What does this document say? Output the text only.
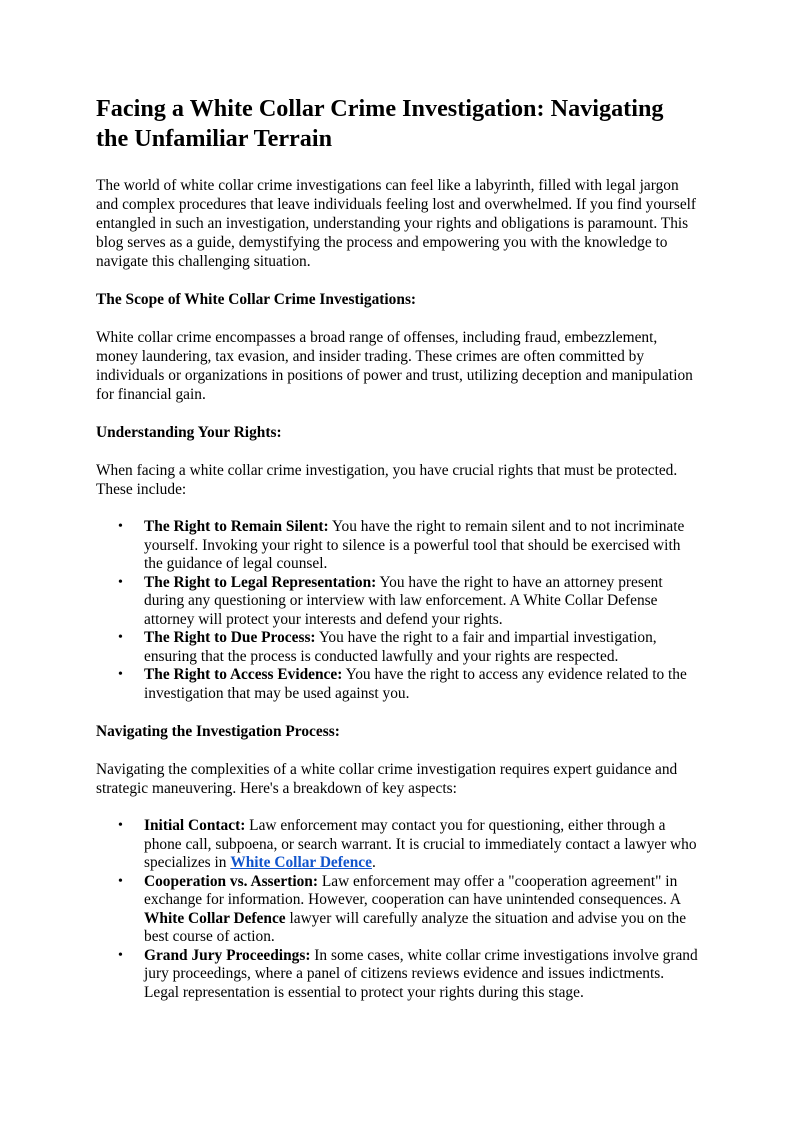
Facing a White Collar Crime Investigation: Navigating the Unfamiliar Terrain

The world of white collar crime investigations can feel like a labyrinth, filled with legal jargon and complex procedures that leave individuals feeling lost and overwhelmed. If you find yourself entangled in such an investigation, understanding your rights and obligations is paramount. This blog serves as a guide, demystifying the process and empowering you with the knowledge to navigate this challenging situation.

The Scope of White Collar Crime Investigations:

White collar crime encompasses a broad range of offenses, including fraud, embezzlement, money laundering, tax evasion, and insider trading. These crimes are often committed by individuals or organizations in positions of power and trust, utilizing deception and manipulation for financial gain.

Understanding Your Rights:

When facing a white collar crime investigation, you have crucial rights that must be protected. These include:

• The Right to Remain Silent: You have the right to remain silent and to not incriminate yourself. Invoking your right to silence is a powerful tool that should be exercised with the guidance of legal counsel.
• The Right to Legal Representation: You have the right to have an attorney present during any questioning or interview with law enforcement. A White Collar Defense attorney will protect your interests and defend your rights.
• The Right to Due Process: You have the right to a fair and impartial investigation, ensuring that the process is conducted lawfully and your rights are respected.
• The Right to Access Evidence: You have the right to access any evidence related to the investigation that may be used against you.
Navigating the Investigation Process:

Navigating the complexities of a white collar crime investigation requires expert guidance and strategic maneuvering. Here's a breakdown of key aspects:

• Initial Contact: Law enforcement may contact you for questioning, either through a phone call, subpoena, or search warrant. It is crucial to immediately contact a lawyer who specializes in White Collar Defence.
• Cooperation vs. Assertion: Law enforcement may offer a "cooperation agreement" in exchange for information. However, cooperation can have unintended consequences. A White Collar Defence lawyer will carefully analyze the situation and advise you on the best course of action.
• Grand Jury Proceedings: In some cases, white collar crime investigations involve grand jury proceedings, where a panel of citizens reviews evidence and issues indictments. Legal representation is essential to protect your rights during this stage.
